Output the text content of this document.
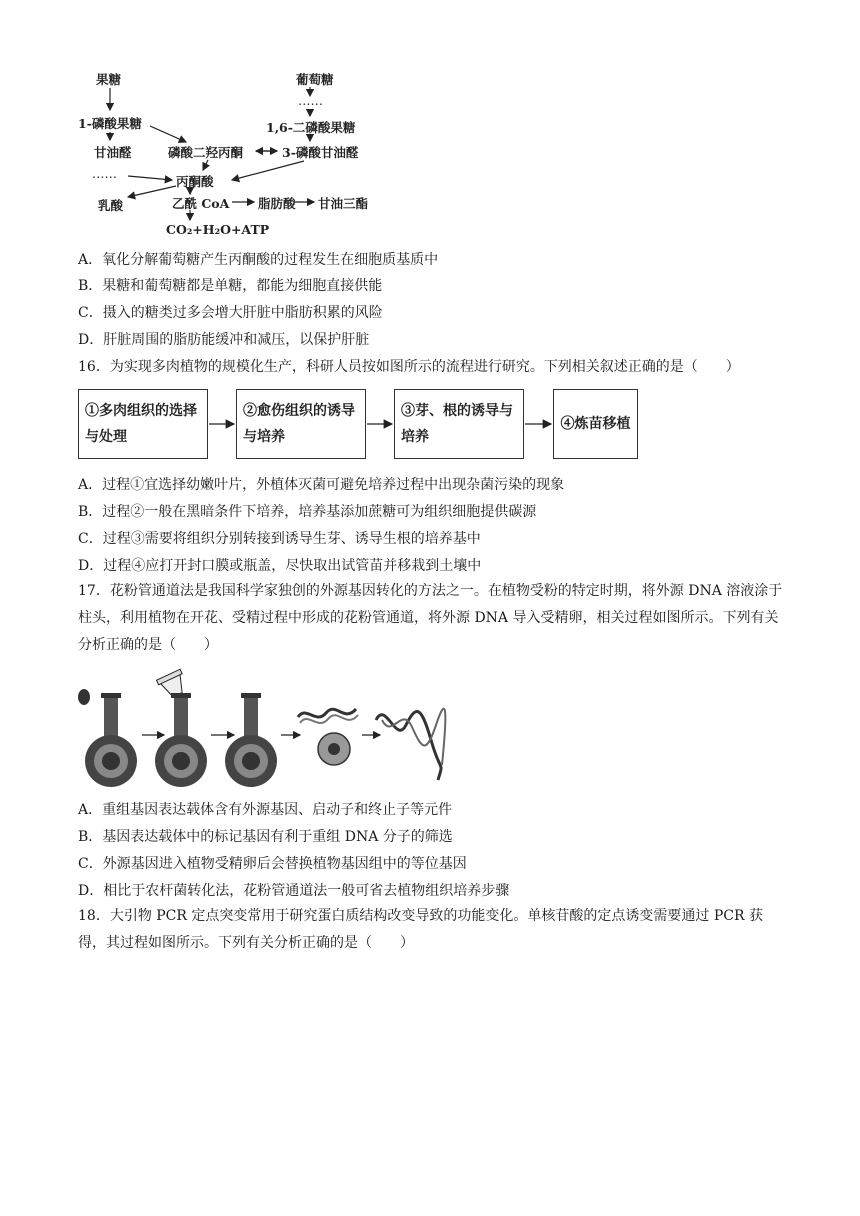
果糖
1-磷酸果糖
甘油醛	磷酸二羟丙酮
葡萄糖
……
1,6-二磷酸果糖
3-磷酸甘油醛
……
丙酮酸
乳酸	乙酰 CoA 脂肪酸 甘油三酯
CO₂+H₂O+ATP
A．氧化分解葡萄糖产生丙酮酸的过程发生在细胞质基质中
B．果糖和葡萄糖都是单糖，都能为细胞直接供能
C．摄入的糖类过多会增大肝脏中脂肪积累的风险
D．肝脏周围的脂肪能缓冲和减压，以保护肝脏
16．为实现多肉植物的规模化生产，科研人员按如图所示的流程进行研究。下列相关叙述正确的是（　　）
①多肉组织的选择
与处理
②愈伤组织的诱导
与培养
③芽、根的诱导与
培养
④炼苗移植
A．过程①宜选择幼嫩叶片，外植体灭菌可避免培养过程中出现杂菌污染的现象
B．过程②一般在黑暗条件下培养，培养基添加蔗糖可为组织细胞提供碳源
C．过程③需要将组织分别转接到诱导生芽、诱导生根的培养基中
D．过程④应打开封口膜或瓶盖，尽快取出试管苗并移栽到土壤中
17．花粉管通道法是我国科学家独创的外源基因转化的方法之一。在植物受粉的特定时期，将外源 DNA 溶液涂于柱头，利用植物在开花、受精过程中形成的花粉管通道，将外源 DNA 导入受精卵，相关过程如图所示。下列有关分析正确的是（　　）
A．重组基因表达载体含有外源基因、启动子和终止子等元件
B．基因表达载体中的标记基因有利于重组 DNA 分子的筛选
C．外源基因进入植物受精卵后会替换植物基因组中的等位基因
D．相比于农杆菌转化法，花粉管通道法一般可省去植物组织培养步骤
18．大引物 PCR 定点突变常用于研究蛋白质结构改变导致的功能变化。单核苷酸的定点诱变需要通过 PCR 获得，其过程如图所示。下列有关分析正确的是（　　）
